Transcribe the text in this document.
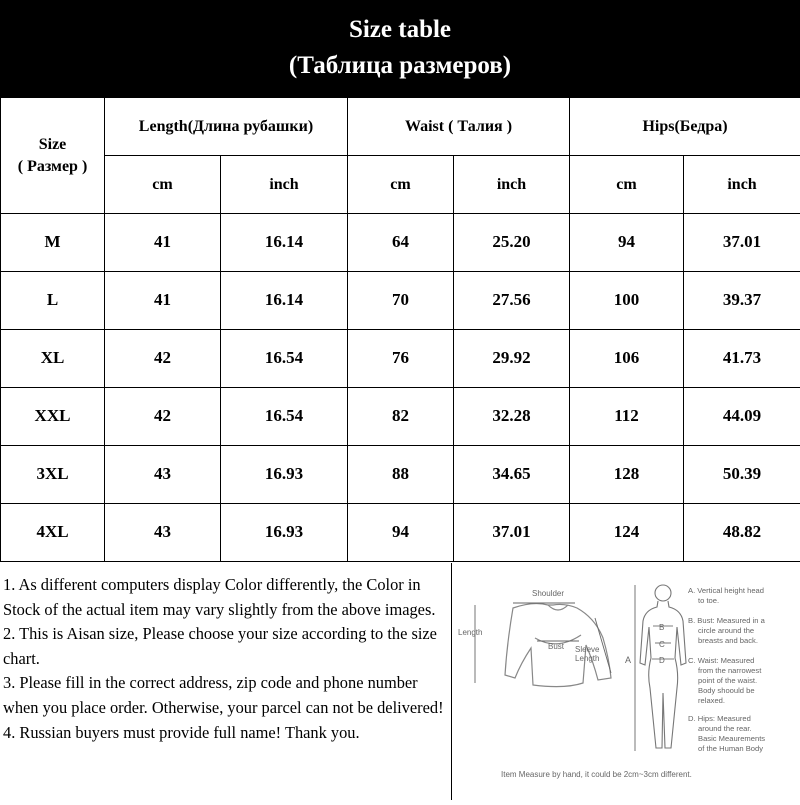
Size table
(Таблица размеров)
Size
( Размер )	Length(Длина рубашки)		Waist ( Талия )		Hips(Бедра)	
	cm	inch	cm	inch	cm	inch
M	41	16.14	64	25.20	94	37.01
L	41	16.14	70	27.56	100	39.37
XL	42	16.54	76	29.92	106	41.73
XXL	42	16.54	82	32.28	112	44.09
3XL	43	16.93	88	34.65	128	50.39
4XL	43	16.93	94	37.01	124	48.82

1. As different computers display Color differently, the Color in Stock of the actual item may vary slightly from the above images.

2. This is Aisan size, Please choose your size according to the size chart.

3. Please fill in the correct address, zip code and phone number when you place order. Otherwise, your parcel can not be delivered!

4. Russian buyers must provide full name! Thank you.

Shoulder
Length
Bust Sleeve
Length	A
B
C
D
A. Vertical height head
to toe.
B. Bust: Measured in a
circle around the
breasts and back.
C. Waist: Measured
from the narrowest
point of the waist.
Body shoould be
relaxed.
D. Hips: Measured
around the rear.
Basic Meaurements
of the Human Body
Item Measure by hand, it could be 2cm~3cm different.
